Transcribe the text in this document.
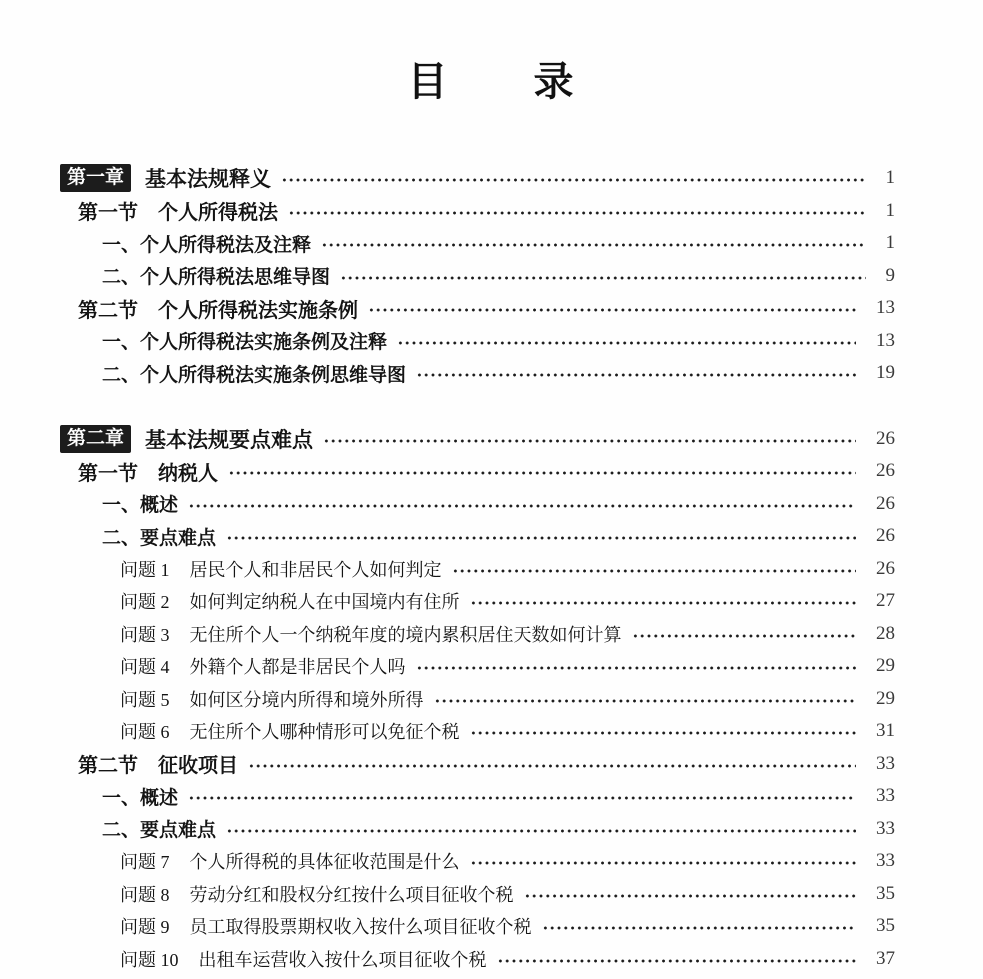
目　　录
第一章	基本法规释义	1
第一节　个人所得税法	1
一、个人所得税法及注释	1
二、个人所得税法思维导图	9
第二节　个人所得税法实施条例	13
一、个人所得税法实施条例及注释	13
二、个人所得税法实施条例思维导图	19
第二章	基本法规要点难点	26
第一节　纳税人	26
一、概述	26
二、要点难点	26
问题 1 居民个人和非居民个人如何判定	26
问题 2 如何判定纳税人在中国境内有住所	27
问题 3 无住所个人一个纳税年度的境内累积居住天数如何计算	28
问题 4 外籍个人都是非居民个人吗	29
问题 5 如何区分境内所得和境外所得	29
问题 6 无住所个人哪种情形可以免征个税	31
第二节　征收项目	33
一、概述	33
二、要点难点	33
问题 7 个人所得税的具体征收范围是什么	33
问题 8 劳动分红和股权分红按什么项目征收个税	35
问题 9 员工取得股票期权收入按什么项目征收个税	35
问题 10 出租车运营收入按什么项目征收个税	37
